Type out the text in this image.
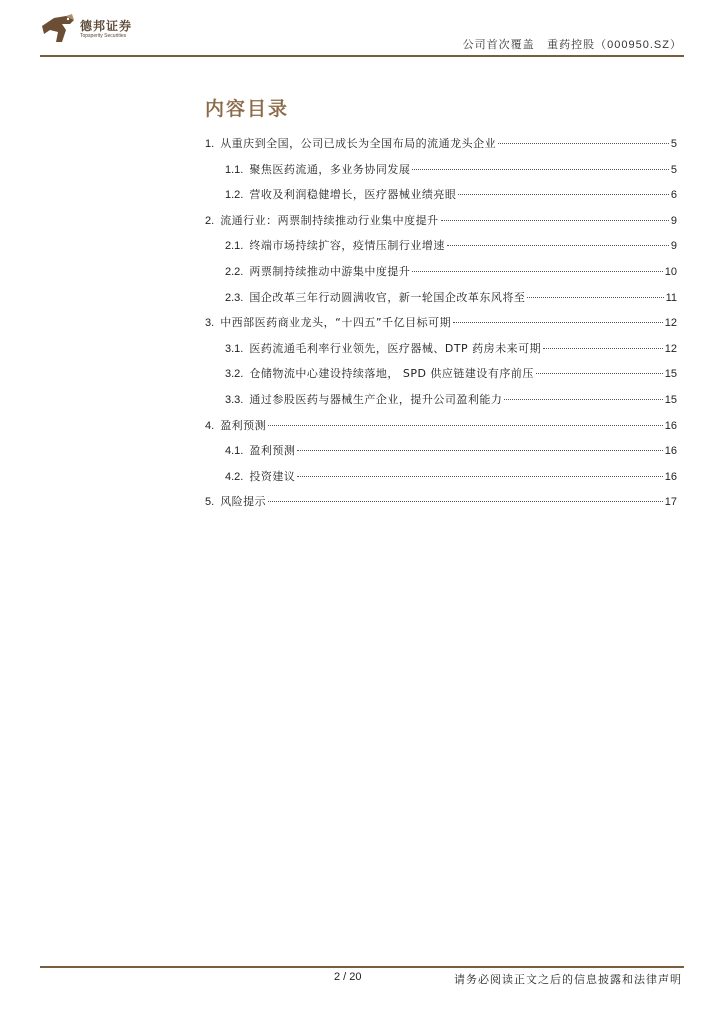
德邦证券
Topsperity Securities
公司首次覆盖 重药控股（000950.SZ）
内容目录
1. 从重庆到全国，公司已成长为全国布局的流通龙头企业	5
1.1. 聚焦医药流通，多业务协同发展	5
1.2. 营收及利润稳健增长，医疗器械业绩亮眼	6
2. 流通行业：两票制持续推动行业集中度提升	9
2.1. 终端市场持续扩容，疫情压制行业增速	9
2.2. 两票制持续推动中游集中度提升	10
2.3. 国企改革三年行动圆满收官，新一轮国企改革东风将至	11
3. 中西部医药商业龙头，“十四五”千亿目标可期	12
3.1. 医药流通毛利率行业领先，医疗器械、DTP 药房未来可期	12
3.2. 仓储物流中心建设持续落地， SPD 供应链建设有序前压	15
3.3. 通过参股医药与器械生产企业，提升公司盈利能力	15
4. 盈利预测	16
4.1. 盈利预测	16
4.2. 投资建议	16
5. 风险提示	17
2 / 20	请务必阅读正文之后的信息披露和法律声明
